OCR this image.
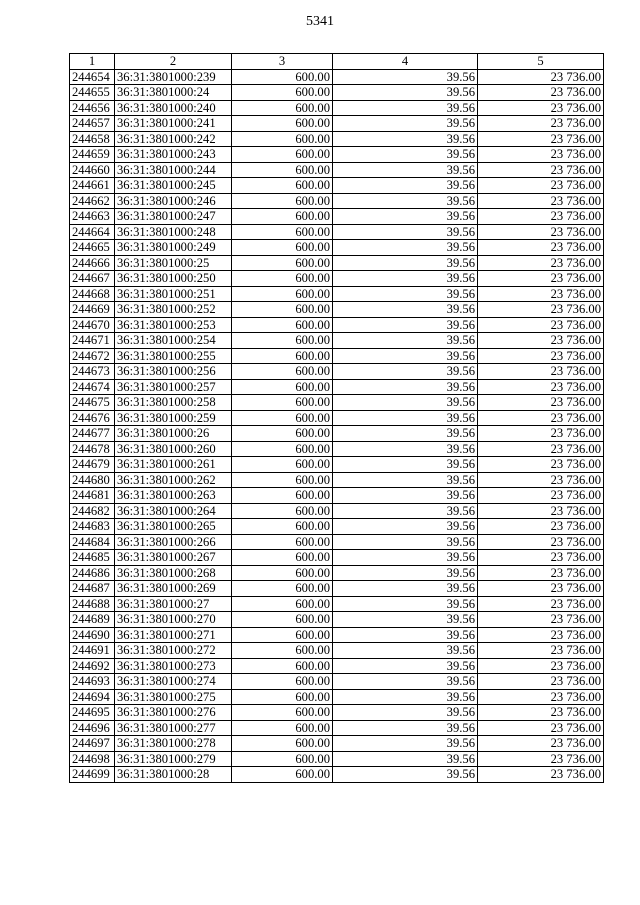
5341
1	2	3	4	5
244654	36:31:3801000:239	600.00	39.56	23 736.00
244655	36:31:3801000:24	600.00	39.56	23 736.00
244656	36:31:3801000:240	600.00	39.56	23 736.00
244657	36:31:3801000:241	600.00	39.56	23 736.00
244658	36:31:3801000:242	600.00	39.56	23 736.00
244659	36:31:3801000:243	600.00	39.56	23 736.00
244660	36:31:3801000:244	600.00	39.56	23 736.00
244661	36:31:3801000:245	600.00	39.56	23 736.00
244662	36:31:3801000:246	600.00	39.56	23 736.00
244663	36:31:3801000:247	600.00	39.56	23 736.00
244664	36:31:3801000:248	600.00	39.56	23 736.00
244665	36:31:3801000:249	600.00	39.56	23 736.00
244666	36:31:3801000:25	600.00	39.56	23 736.00
244667	36:31:3801000:250	600.00	39.56	23 736.00
244668	36:31:3801000:251	600.00	39.56	23 736.00
244669	36:31:3801000:252	600.00	39.56	23 736.00
244670	36:31:3801000:253	600.00	39.56	23 736.00
244671	36:31:3801000:254	600.00	39.56	23 736.00
244672	36:31:3801000:255	600.00	39.56	23 736.00
244673	36:31:3801000:256	600.00	39.56	23 736.00
244674	36:31:3801000:257	600.00	39.56	23 736.00
244675	36:31:3801000:258	600.00	39.56	23 736.00
244676	36:31:3801000:259	600.00	39.56	23 736.00
244677	36:31:3801000:26	600.00	39.56	23 736.00
244678	36:31:3801000:260	600.00	39.56	23 736.00
244679	36:31:3801000:261	600.00	39.56	23 736.00
244680	36:31:3801000:262	600.00	39.56	23 736.00
244681	36:31:3801000:263	600.00	39.56	23 736.00
244682	36:31:3801000:264	600.00	39.56	23 736.00
244683	36:31:3801000:265	600.00	39.56	23 736.00
244684	36:31:3801000:266	600.00	39.56	23 736.00
244685	36:31:3801000:267	600.00	39.56	23 736.00
244686	36:31:3801000:268	600.00	39.56	23 736.00
244687	36:31:3801000:269	600.00	39.56	23 736.00
244688	36:31:3801000:27	600.00	39.56	23 736.00
244689	36:31:3801000:270	600.00	39.56	23 736.00
244690	36:31:3801000:271	600.00	39.56	23 736.00
244691	36:31:3801000:272	600.00	39.56	23 736.00
244692	36:31:3801000:273	600.00	39.56	23 736.00
244693	36:31:3801000:274	600.00	39.56	23 736.00
244694	36:31:3801000:275	600.00	39.56	23 736.00
244695	36:31:3801000:276	600.00	39.56	23 736.00
244696	36:31:3801000:277	600.00	39.56	23 736.00
244697	36:31:3801000:278	600.00	39.56	23 736.00
244698	36:31:3801000:279	600.00	39.56	23 736.00
244699	36:31:3801000:28	600.00	39.56	23 736.00
